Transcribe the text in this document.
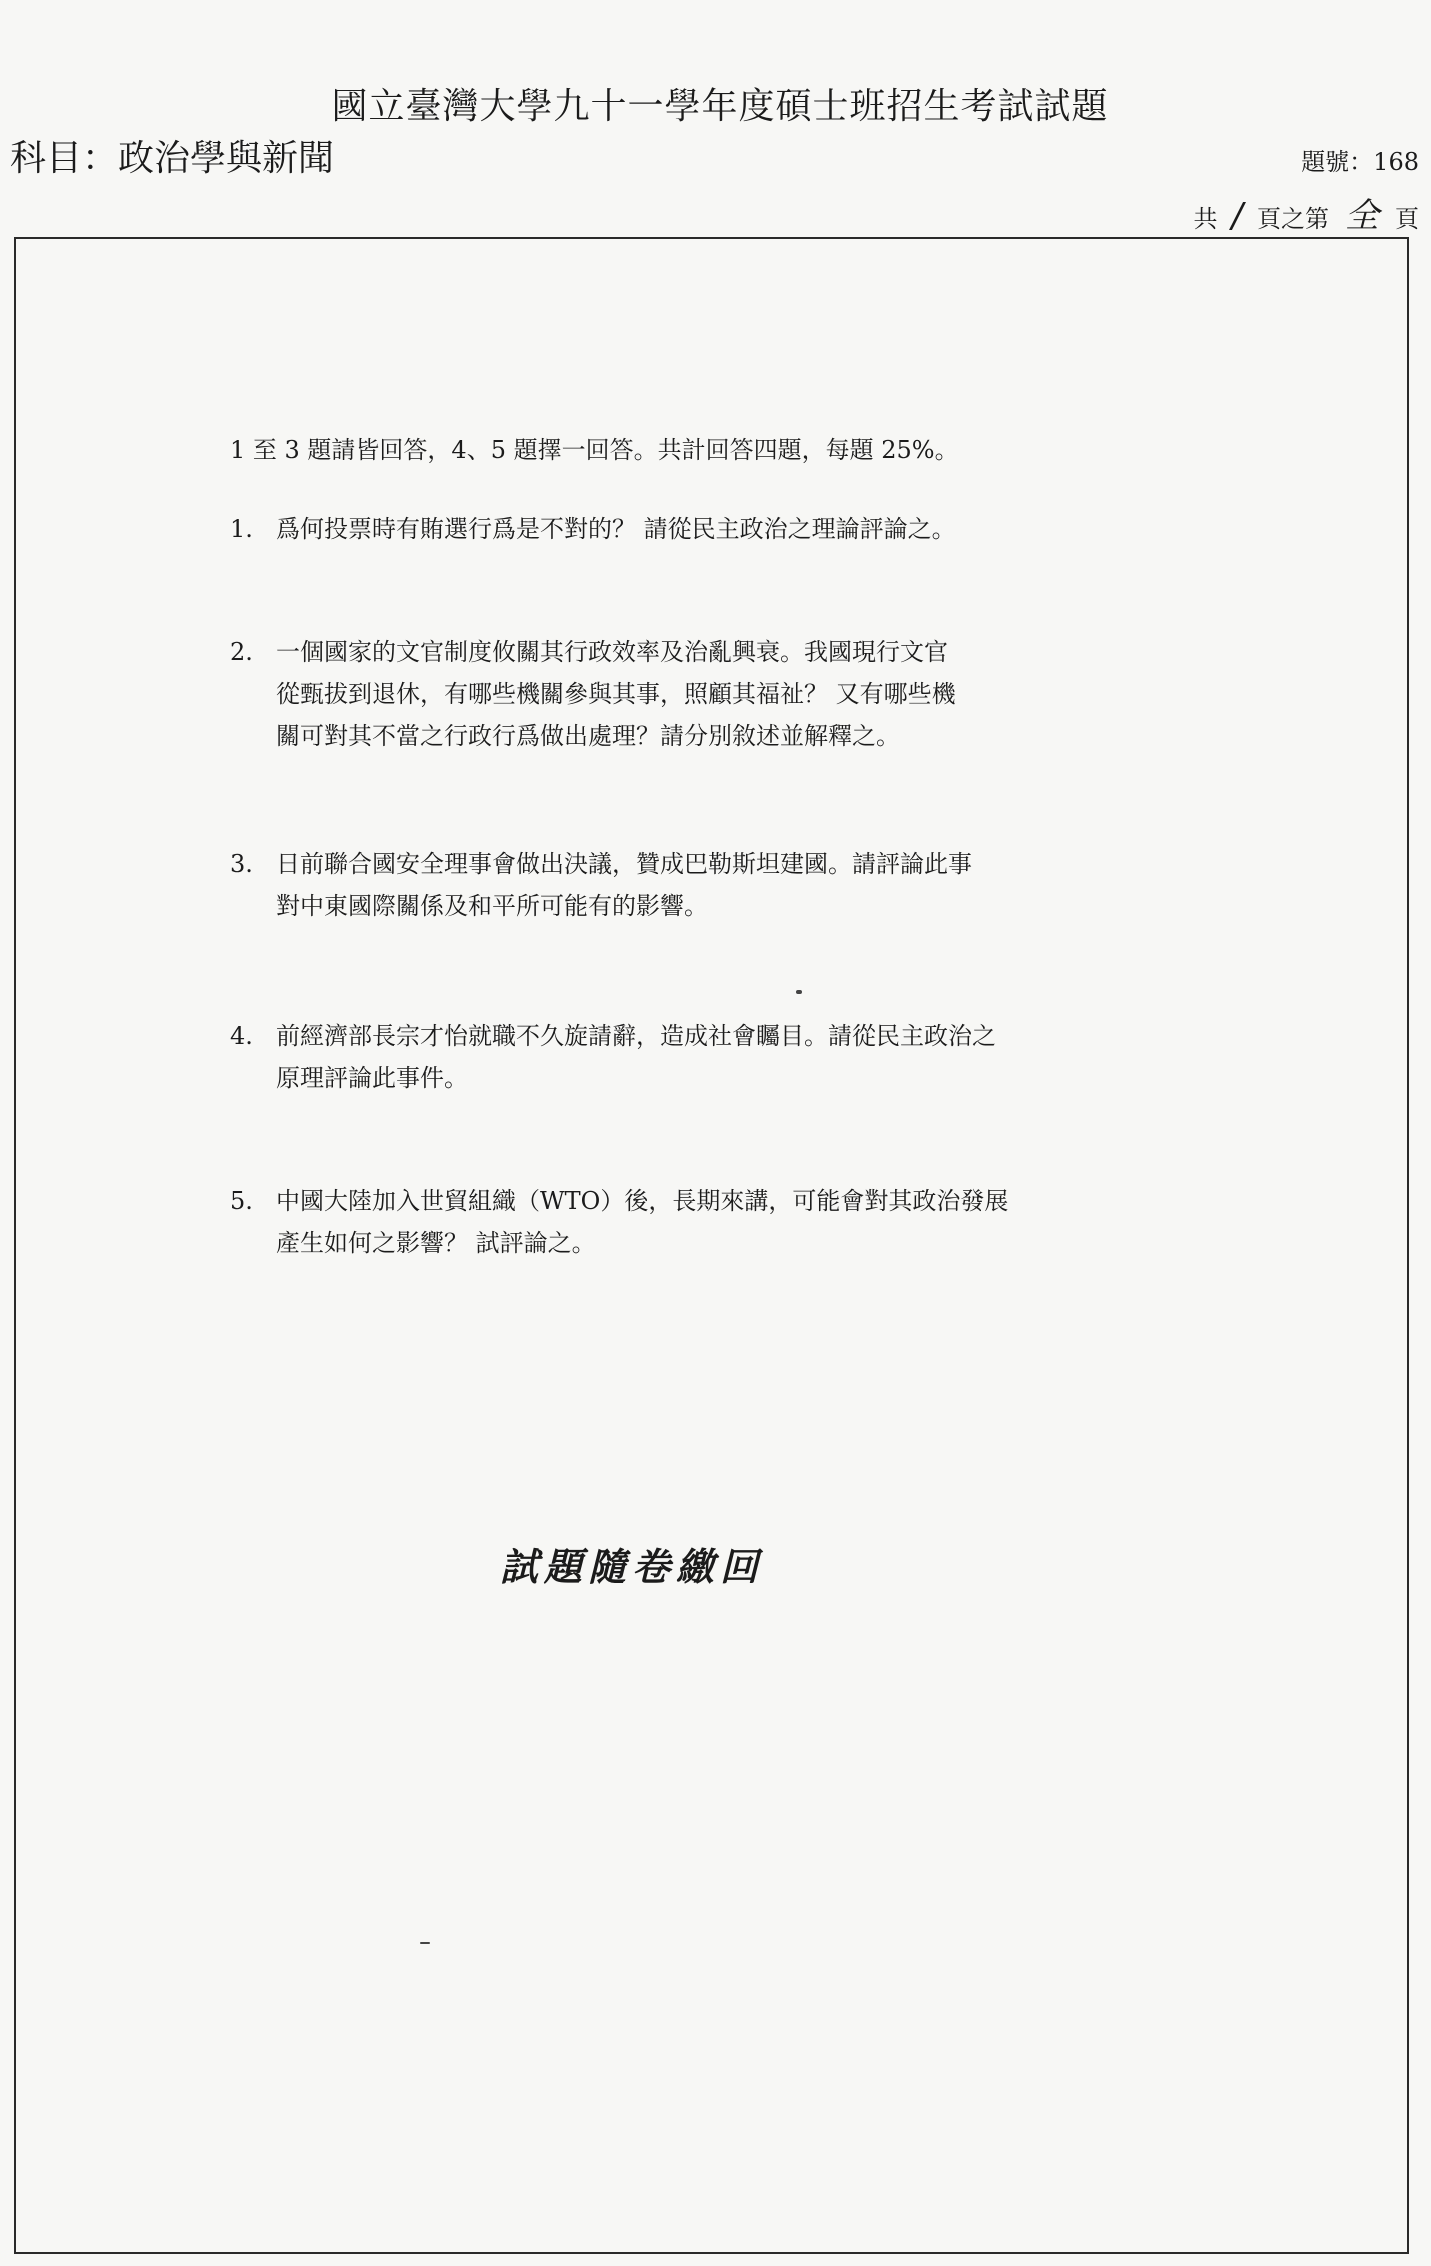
國立臺灣大學九十一學年度碩士班招生考試試題
科目：政治學與新聞	題號：168
共 / 頁之第 全 頁
1 至 3 題請皆回答，4、5 題擇一回答。共計回答四題，每題 25%。
1. 爲何投票時有賄選行爲是不對的？ 請從民主政治之理論評論之。
2. 一個國家的文官制度攸關其行政效率及治亂興衰。我國現行文官
從甄拔到退休，有哪些機關參與其事，照顧其福祉？ 又有哪些機
關可對其不當之行政行爲做出處理？請分別敘述並解釋之。
3. 日前聯合國安全理事會做出決議，贊成巴勒斯坦建國。請評論此事
對中東國際關係及和平所可能有的影響。
4. 前經濟部長宗才怡就職不久旋請辭，造成社會矚目。請從民主政治之
原理評論此事件。
5. 中國大陸加入世貿組織（WTO）後，長期來講，可能會對其政治發展
產生如何之影響？ 試評論之。
試題隨卷繳回
